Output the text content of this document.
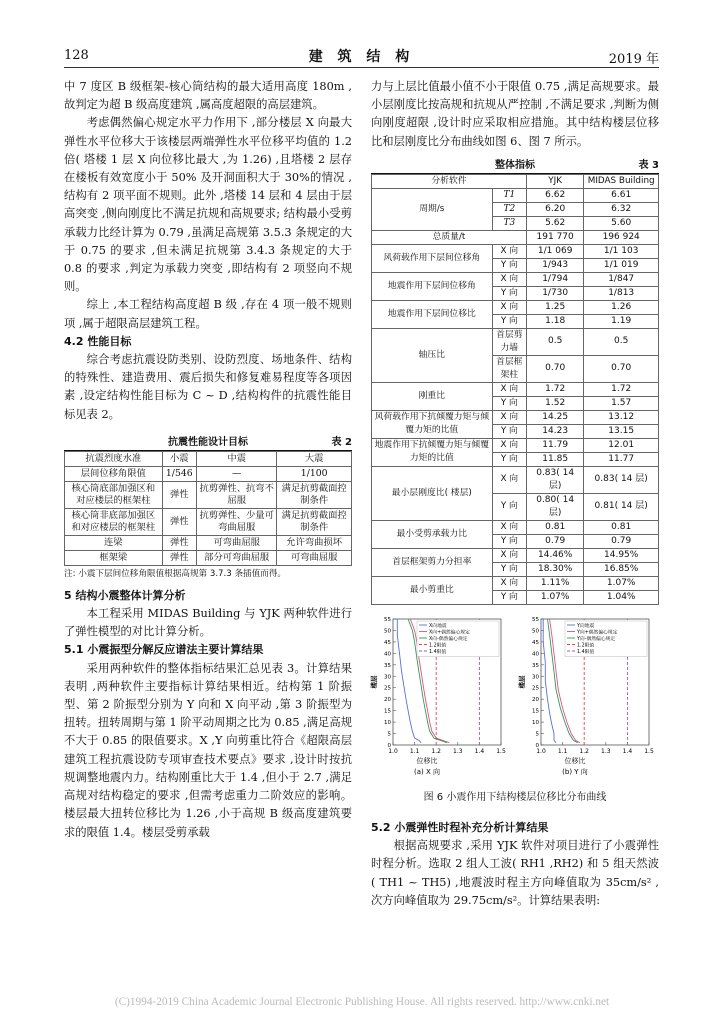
128	建 筑 结 构	2019 年

中 7 度区 B 级框架-核心筒结构的最大适用高度 180m ,故判定为超 B 级高度建筑 ,属高度超限的高层建筑。

考虑偶然偏心规定水平力作用下 ,部分楼层 X 向最大弹性水平位移大于该楼层两端弹性水平位移平均值的 1.2 倍( 塔楼 1 层 X 向位移比最大 ,为 1.26) ,且塔楼 2 层存在楼板有效宽度小于 50% 及开洞面积大于 30%的情况 ,结构有 2 项平面不规则。此外 ,塔楼 14 层和 4 层由于层高突变 ,侧向刚度比不满足抗规和高规要求; 结构最小受剪承载力比经计算为 0.79 ,虽满足高规第 3.5.3 条规定的大于 0.75 的要求 ,但未满足抗规第 3.4.3 条规定的大于 0.8 的要求 ,判定为承载力突变 ,即结构有 2 项竖向不规则。

综上 ,本工程结构高度超 B 级 ,存在 4 项一般不规则项 ,属于超限高层建筑工程。

4.2 性能目标

综合考虑抗震设防类别、设防烈度、场地条件、结构的特殊性、建造费用、震后损失和修复难易程度等各项因素 ,设定结构性能目标为 C ~ D ,结构构件的抗震性能目标见表 2。

抗震性能设计目标	表 2
抗震烈度水准	小震	中震	大震
层间位移角限值	1/546	—	1/100
核心筒底部加强区和对应楼层的框架柱	弹性	抗剪弹性、抗弯不屈服	满足抗剪截面控制条件
核心筒非底部加强区和对应楼层的框架柱	弹性	抗剪弹性、少量可弯曲屈服	满足抗剪截面控制条件
连梁	弹性	可弯曲屈服	允许弯曲损坏
框架梁	弹性	部分可弯曲屈服	可弯曲屈服
注: 小震下层间位移角限值根据高规第 3.7.3 条插值而得。

5 结构小震整体计算分析

本工程采用 MIDAS Building 与 YJK 两种软件进行了弹性模型的对比计算分析。

5.1 小震振型分解反应谱法主要计算结果

采用两种软件的整体指标结果汇总见表 3。计算结果表明 ,两种软件主要指标计算结果相近。结构第 1 阶振型、第 2 阶振型分别为 Y 向和 X 向平动 ,第 3 阶振型为扭转。扭转周期与第 1 阶平动周期之比为 0.85 ,满足高规不大于 0.85 的限值要求。X ,Y 向剪重比符合《超限高层建筑工程抗震设防专项审查技术要点》要求 ,设计时按抗规调整地震内力。结构刚重比大于 1.4 ,但小于 2.7 ,满足高规对结构稳定的要求 ,但需考虑重力二阶效应的影响。楼层最大扭转位移比为 1.26 ,小于高规 B 级高度建筑要求的限值 1.4。楼层受剪承载

力与上层比值最小值不小于限值 0.75 ,满足高规要求。最小层刚度比按高规和抗规从严控制 ,不满足要求 ,判断为侧向刚度超限 ,设计时应采取相应措施。其中结构楼层位移比和层刚度比分布曲线如图 6、图 7 所示。

整体指标	表 3
分析软件		YJK	MIDAS Building
周期/s	T1	6.62	6.61
	T2	6.20	6.32
	T3	5.62	5.60
总质量/t		191 770	196 924
风荷载作用下层间位移角	X 向	1/1 069	1/1 103
	Y 向	1/943	1/1 019
地震作用下层间位移角	X 向	1/794	1/847
	Y 向	1/730	1/813
地震作用下层间位移比	X 向	1.25	1.26
	Y 向	1.18	1.19
轴压比	首层剪力墙	0.5	0.5
	首层框架柱	0.70	0.70
刚重比	X 向	1.72	1.72
	Y 向	1.52	1.57
风荷载作用下抗倾覆力矩与倾覆力矩的比值	X 向	14.25	13.12
	Y 向	14.23	13.15
地震作用下抗倾覆力矩与倾覆力矩的比值	X 向	11.79	12.01
	Y 向	11.85	11.77
最小层刚度比( 楼层)	X 向	0.83( 14 层)	0.83( 14 层)
	Y 向	0.80( 14 层)	0.81( 14 层)
最小受剪承载力比	X 向	0.81	0.81
	Y 向	0.79	0.79
首层框架剪力分担率	X 向	14.46%	14.95%
	Y 向	18.30%	16.85%
最小剪重比	X 向	1.11%	1.07%
	Y 向	1.07%	1.04%
0
5
10
15
20
25
30
35
40
45
50
55
1.0 1.1 1.2 1.3 1.4 1.5
楼层
位移比
(a) X 向
X向地震
X向+偶然偏心规定
X向-偶然偏心规定
1.2限值
1.4限值
0
5
10
15
20
25
30
35
40
45
50
55
1.0 1.1 1.2 1.3 1.4 1.5
楼层
位移比
(b) Y 向
Y向地震
Y向+偶然偏心规定
Y向-偶然偏心规定
1.2限值
1.4限值
图 6 小震作用下结构楼层位移比分布曲线

5.2 小震弹性时程补充分析计算结果

根据高规要求 ,采用 YJK 软件对项目进行了小震弹性时程分析。选取 2 组人工波( RH1 ,RH2) 和 5 组天然波( TH1 ~ TH5) ,地震波时程主方向峰值取为 35cm/s² ,次方向峰值取为 29.75cm/s²。计算结果表明:

(C)1994-2019 China Academic Journal Electronic Publishing House. All rights reserved. http://www.cnki.net
